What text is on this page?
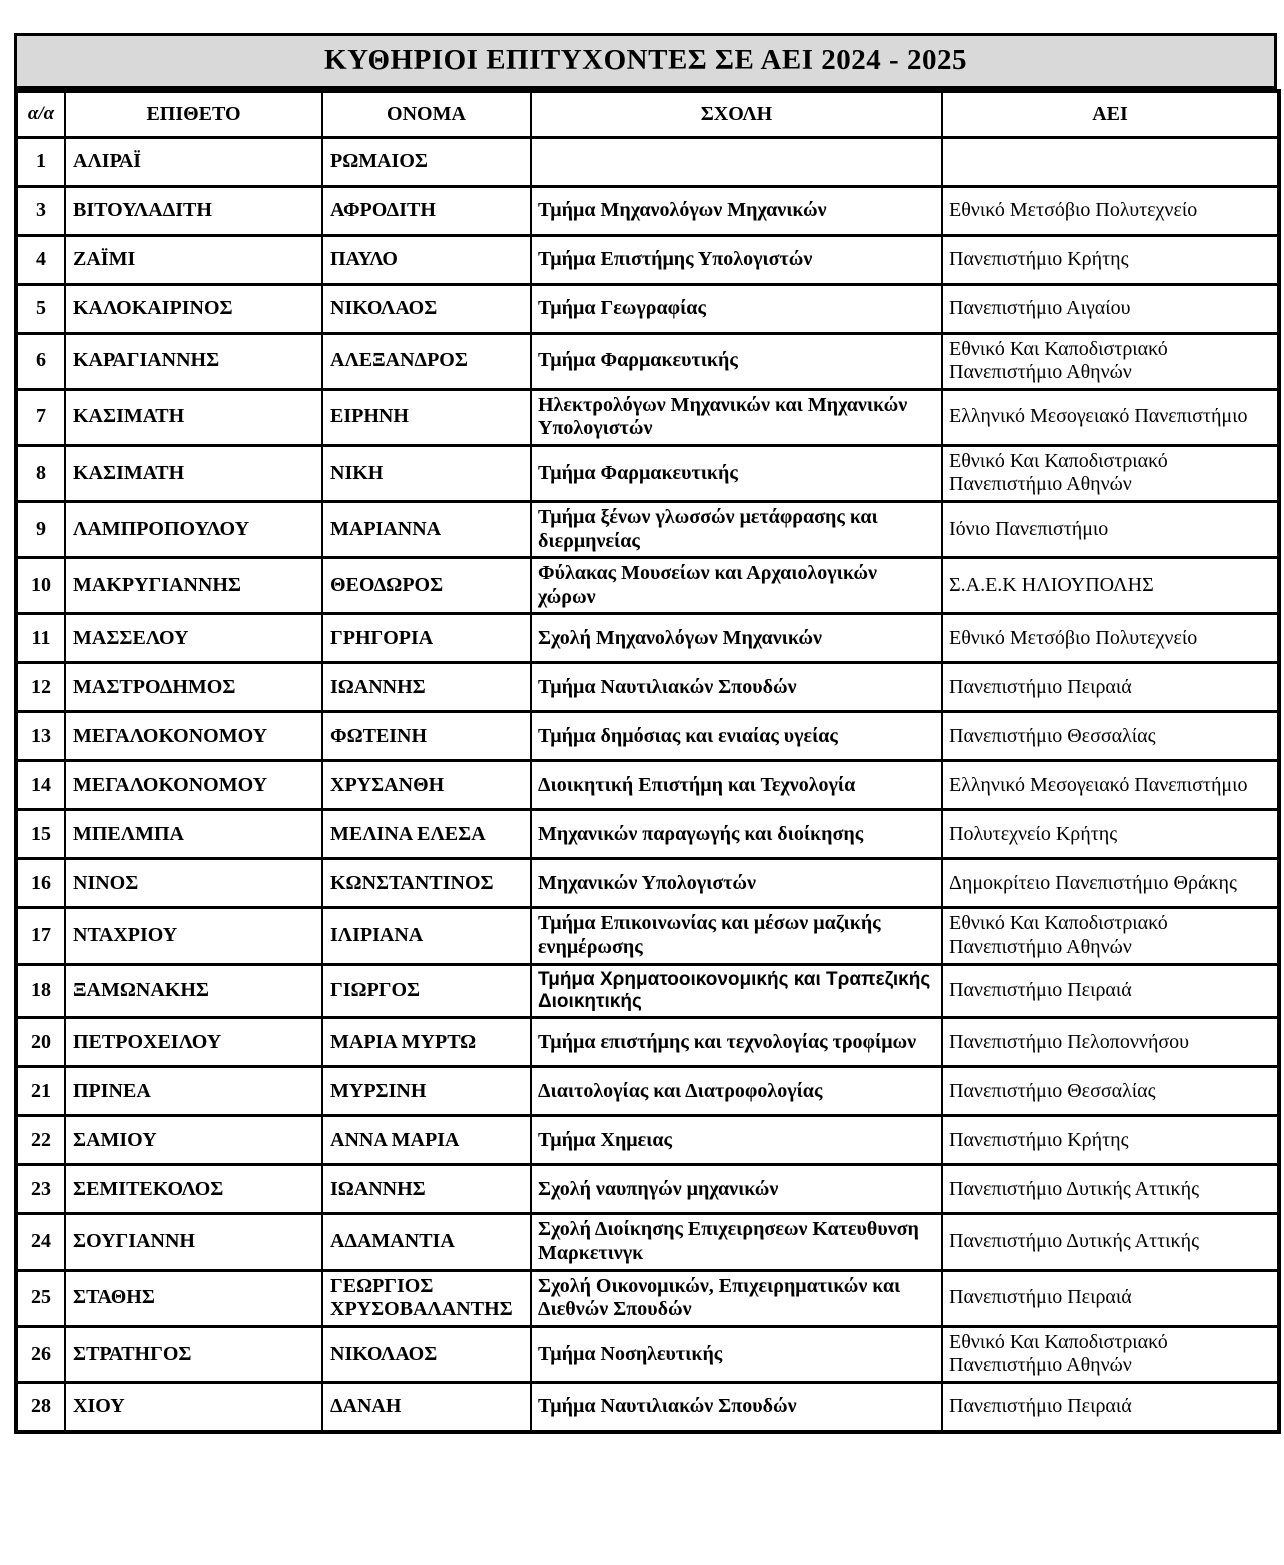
ΚΥΘΗΡΙΟΙ ΕΠΙΤΥΧΟΝΤΕΣ ΣΕ ΑΕΙ 2024 - 2025
α/α	ΕΠΙΘΕΤΟ	ΟΝΟΜΑ	ΣΧΟΛΗ	ΑΕΙ
1	ΑΛΙΡΑΪ	ΡΩΜΑΙΟΣ		
3	ΒΙΤΟΥΛΑΔΙΤΗ	ΑΦΡΟΔΙΤΗ	Τμήμα Μηχανολόγων Μηχανικών	Εθνικό Μετσόβιο Πολυτεχνείο
4	ΖΑΪΜΙ	ΠΑΥΛΟ	Τμήμα Επιστήμης Υπολογιστών	Πανεπιστήμιο Κρήτης
5	ΚΑΛΟΚΑΙΡΙΝΟΣ	ΝΙΚΟΛΑΟΣ	Τμήμα Γεωγραφίας	Πανεπιστήμιο Αιγαίου
6	ΚΑΡΑΓΙΑΝΝΗΣ	ΑΛΕΞΑΝΔΡΟΣ	Τμήμα Φαρμακευτικής	Εθνικό Και Καποδιστριακό Πανεπιστήμιο Αθηνών
7	ΚΑΣΙΜΑΤΗ	ΕΙΡΗΝΗ	Ηλεκτρολόγων Μηχανικών και Μηχανικών Υπολογιστών	Ελληνικό Μεσογειακό Πανεπιστήμιο
8	ΚΑΣΙΜΑΤΗ	ΝΙΚΗ	Τμήμα Φαρμακευτικής	Εθνικό Και Καποδιστριακό Πανεπιστήμιο Αθηνών
9	ΛΑΜΠΡΟΠΟΥΛΟΥ	ΜΑΡΙΑΝΝΑ	Τμήμα ξένων γλωσσών μετάφρασης και διερμηνείας	Ιόνιο Πανεπιστήμιο
10	ΜΑΚΡΥΓΙΑΝΝΗΣ	ΘΕΟΔΩΡΟΣ	Φύλακας Μουσείων και Αρχαιολογικών χώρων	Σ.Α.Ε.Κ ΗΛΙΟΥΠΟΛΗΣ
11	ΜΑΣΣΕΛΟΥ	ΓΡΗΓΟΡΙΑ	Σχολή Μηχανολόγων Μηχανικών	Εθνικό Μετσόβιο Πολυτεχνείο
12	ΜΑΣΤΡΟΔΗΜΟΣ	ΙΩΑΝΝΗΣ	Τμήμα Ναυτιλιακών Σπουδών	Πανεπιστήμιο Πειραιά
13	ΜΕΓΑΛΟΚΟΝΟΜΟΥ	ΦΩΤΕΙΝΗ	Τμήμα δημόσιας και ενιαίας υγείας	Πανεπιστήμιο Θεσσαλίας
14	ΜΕΓΑΛΟΚΟΝΟΜΟΥ	ΧΡΥΣΑΝΘΗ	Διοικητική Επιστήμη και Τεχνολογία	Ελληνικό Μεσογειακό Πανεπιστήμιο
15	ΜΠΕΛΜΠΑ	ΜΕΛΙΝΑ ΕΛΕΣΑ	Μηχανικών παραγωγής και διοίκησης	Πολυτεχνείο Κρήτης
16	ΝΙΝΟΣ	ΚΩΝΣΤΑΝΤΙΝΟΣ	Μηχανικών Υπολογιστών	Δημοκρίτειο Πανεπιστήμιο Θράκης
17	ΝΤΑΧΡΙΟΥ	ΙΛΙΡΙΑΝΑ	Τμήμα Επικοινωνίας και μέσων μαζικής ενημέρωσης	Εθνικό Και Καποδιστριακό Πανεπιστήμιο Αθηνών
18	ΞΑΜΩΝΑΚΗΣ	ΓΙΩΡΓΟΣ	Τμήμα Χρηματοοικονομικής και Τραπεζικής Διοικητικής	Πανεπιστήμιο Πειραιά
20	ΠΕΤΡΟΧΕΙΛΟΥ	ΜΑΡΙΑ ΜΥΡΤΩ	Τμήμα επιστήμης και τεχνολογίας τροφίμων	Πανεπιστήμιο Πελοποννήσου
21	ΠΡΙΝΕΑ	ΜΥΡΣΙΝΗ	Διαιτολογίας και Διατροφολογίας	Πανεπιστήμιο Θεσσαλίας
22	ΣΑΜΙΟΥ	ΑΝΝΑ ΜΑΡΙΑ	Τμήμα Χημειας	Πανεπιστήμιο Κρήτης
23	ΣΕΜΙΤΕΚΟΛΟΣ	ΙΩΑΝΝΗΣ	Σχολή ναυπηγών μηχανικών	Πανεπιστήμιο Δυτικής Αττικής
24	ΣΟΥΓΙΑΝΝΗ	ΑΔΑΜΑΝΤΙΑ	Σχολή Διοίκησης Επιχειρησεων Κατευθυνση Μαρκετινγκ	Πανεπιστήμιο Δυτικής Αττικής
25	ΣΤΑΘΗΣ	ΓΕΩΡΓΙΟΣ ΧΡΥΣΟΒΑΛΑΝΤΗΣ	Σχολή Οικονομικών, Επιχειρηματικών και Διεθνών Σπουδών	Πανεπιστήμιο Πειραιά
26	ΣΤΡΑΤΗΓΟΣ	ΝΙΚΟΛΑΟΣ	Τμήμα Νοσηλευτικής	Εθνικό Και Καποδιστριακό Πανεπιστήμιο Αθηνών
28	ΧΙΟΥ	ΔΑΝΑΗ	Τμήμα Ναυτιλιακών Σπουδών	Πανεπιστήμιο Πειραιά
